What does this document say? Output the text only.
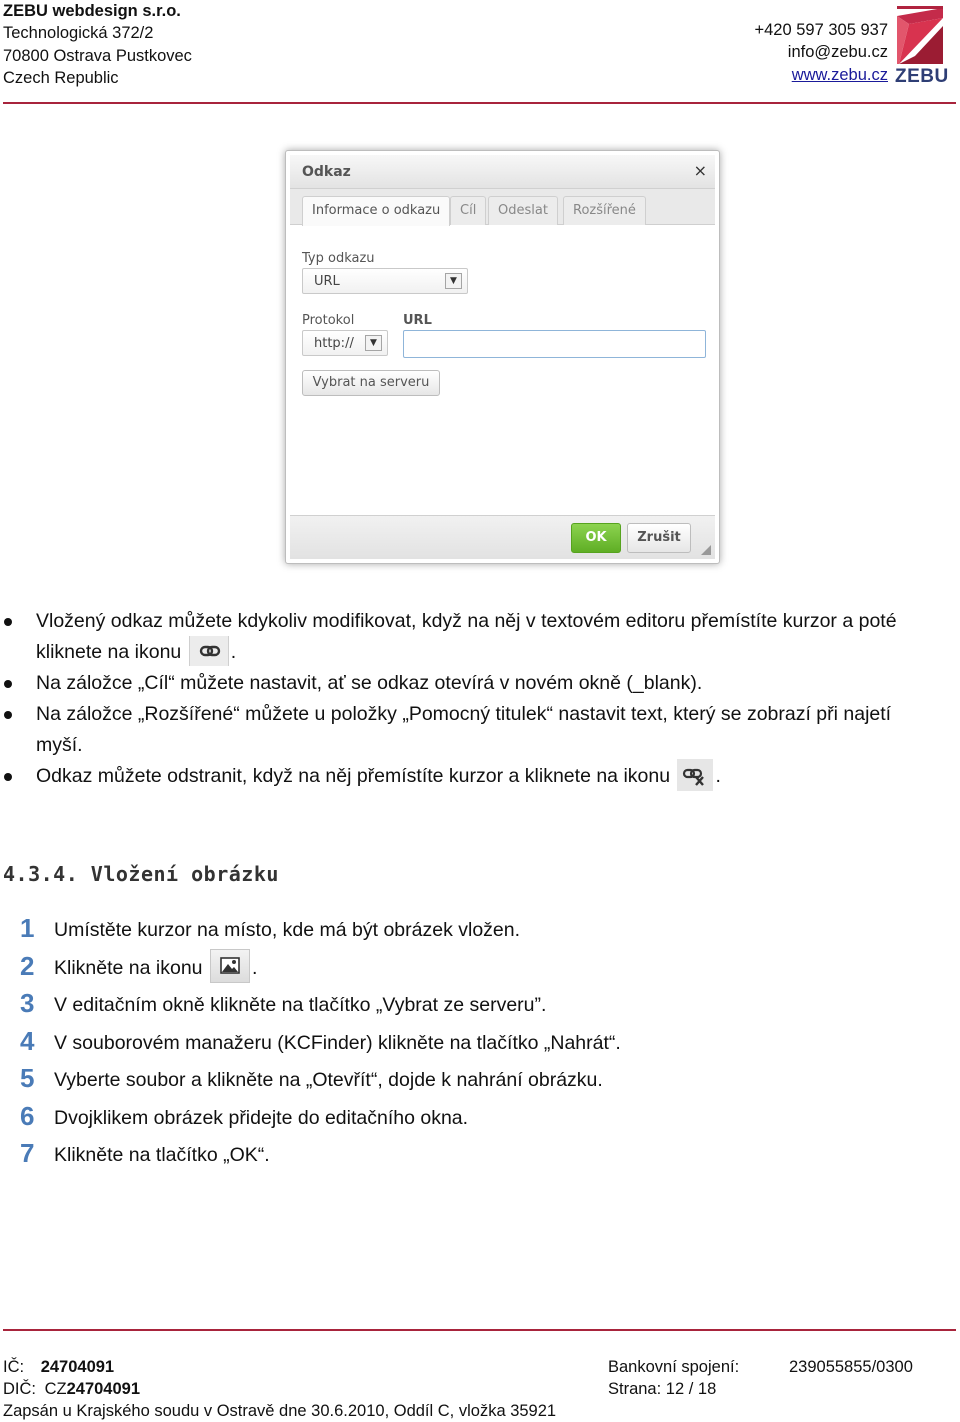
ZEBU webdesign s.r.o.
Technologická 372/2
70800 Ostrava Pustkovec
Czech Republic
+420 597 305 937
info@zebu.cz
www.zebu.cz ZEBU
Odkaz	×
Informace o odkazu	Cíl	Odeslat	Rozšířené
Typ odkazu
URL	▼
Protokol
http://	▼
URL
Vybrat na serveru
OK	Zrušit

Vložený odkaz můžete kdykoliv modifikovat, když na něj v textovém editoru přemístíte kurzor a poté kliknete na ikonu	.

Na záložce „Cíl“ můžete nastavit, ať se odkaz otevírá v novém okně (_blank).

Na záložce „Rozšířené“ můžete u položky „Pomocný titulek“ nastavit text, který se zobrazí při najetí myší.

Odkaz můžete odstranit, když na něj přemístíte kurzor a kliknete na ikonu .

4.3.4. Vložení obrázku
1 Umístěte kurzor na místo, kde má být obrázek vložen.
2 Klikněte na ikonu	.
3 V editačním okně klikněte na tlačítko „Vybrat ze serveru”.
4 V souborovém manažeru (KCFinder) klikněte na tlačítko „Nahrát“.
5 Vyberte soubor a klikněte na „Otevřít“, dojde k nahrání obrázku.
6 Dvojklikem obrázek přidejte do editačního okna.
7 Klikněte na tlačítko „OK“.
IČ: 24704091
DIČ: CZ24704091
Zapsán u Krajského soudu v Ostravě dne 30.6.2010, Oddíl C, vložka 35921
Bankovní spojení:	239055855/0300
Strana: 12 / 18
